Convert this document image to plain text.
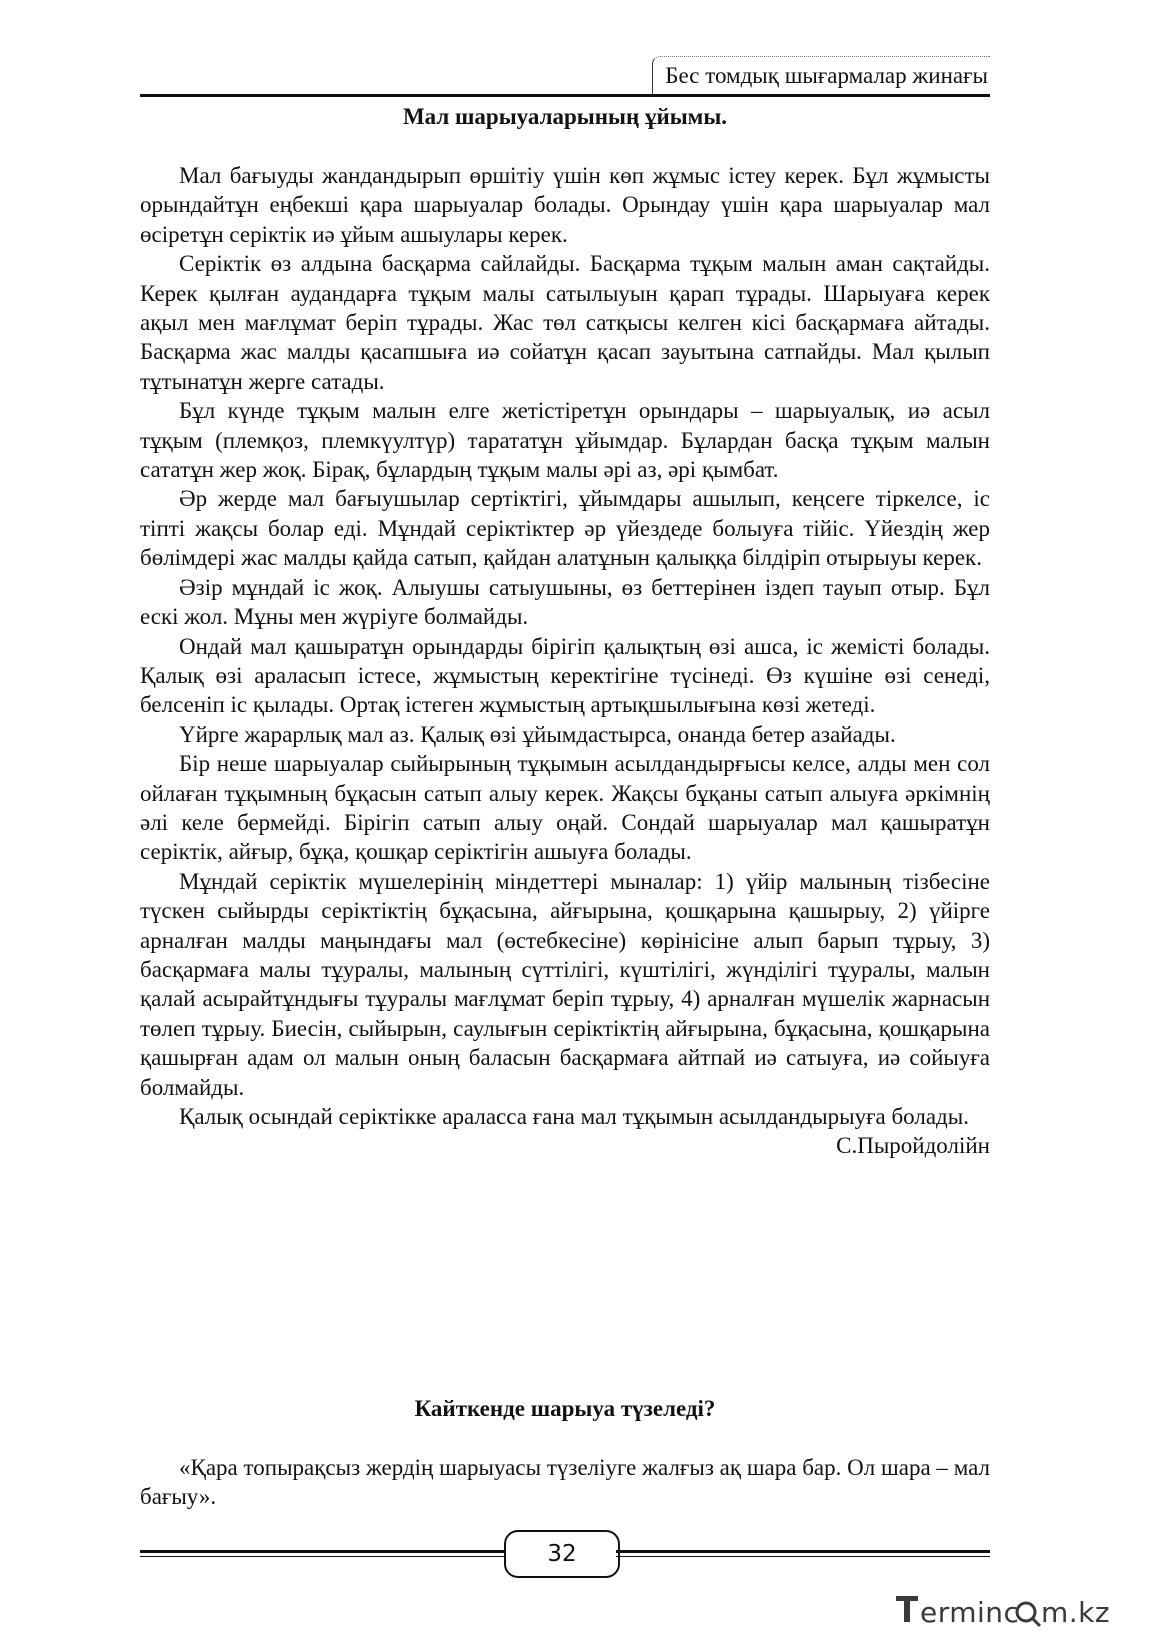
Бес томдық шығармалар жинағы
Мал шарыуаларының ұйымы.

Мал бағыуды жандандырып өршітіу үшін көп жұмыс істеу керек. Бұл жұмысты орындайтұн еңбекші қара шарыуалар болады. Орындау үшін қара шарыуалар мал өсіретұн серіктік иә ұйым ашыулары керек.

Серіктік өз алдына басқарма сайлайды. Басқарма тұқым малын аман сақтайды. Керек қылған аудандарға тұқым малы сатылыуын қарап тұрады. Шарыуаға керек ақыл мен мағлұмат беріп тұрады. Жас төл сатқысы келген кісі басқармаға айтады. Басқарма жас малды қасапшыға иә сойатұн қасап зауытына сатпайды. Мал қылып тұтынатұн жерге сатады.

Бұл күнде тұқым малын елге жетістіретұн орындары – шарыуалық, иә асыл тұқым (племқоз, племкүултүр) тарататұн ұйымдар. Бұлардан басқа тұқым малын сататұн жер жоқ. Бірақ, бұлардың тұқым малы әрі аз, әрі қымбат.

Әр жерде мал бағыушылар сертіктігі, ұйымдары ашылып, кеңсеге тіркелсе, іс тіпті жақсы болар еді. Мұндай серіктіктер әр үйездеде болыуға тійіс. Үйездің жер бөлімдері жас малды қайда сатып, қайдан алатұнын қалыққа білдіріп отырыуы керек.

Әзір мұндай іс жоқ. Алыушы сатыушыны, өз беттерінен іздеп тауып отыр. Бұл ескі жол. Мұны мен жүріуге болмайды.

Ондай мал қашыратұн орындарды бірігіп қалықтың өзі ашса, іс жемісті болады. Қалық өзі араласып істесе, жұмыстың керектігіне түсінеді. Өз күшіне өзі сенеді, белсеніп іс қылады. Ортақ істеген жұмыстың артықшылығына көзі жетеді.

Үйрге жарарлық мал аз. Қалық өзі ұйымдастырса, онанда бетер азайады.

Бір неше шарыуалар сыйырының тұқымын асылдандырғысы келсе, алды мен сол ойлаған тұқымның бұқасын сатып алыу керек. Жақсы бұқаны сатып алыуға әркімнің әлі келе бермейді. Бірігіп сатып алыу оңай. Сондай шарыуалар мал қашыратұн серіктік, айғыр, бұқа, қошқар серіктігін ашыуға болады.

Мұндай серіктік мүшелерінің міндеттері мыналар: 1) үйір малының тізбесіне түскен сыйырды серіктіктің бұқасына, айғырына, қошқарына қашырыу, 2) үйірге арналған малды маңындағы мал (өстебкесіне) көрінісіне алып барып тұрыу, 3) басқармаға малы тұуралы, малының сүттілігі, күштілігі, жүнділігі тұуралы, малын қалай асырайтұндығы тұуралы мағлұмат беріп тұрыу, 4) арналған мүшелік жарнасын төлеп тұрыу. Биесін, сыйырын, саулығын серіктіктің айғырына, бұқасына, қошқарына қашырған адам ол малын оның баласын басқармаға айтпай иә сатыуға, иә сойыуға болмайды.

Қалық осындай серіктікке араласса ғана мал тұқымын асылдандырыуға болады.

С.Пыройдолійн

Кайткенде шарыуа түзеледі?

«Қара топырақсыз жердің шарыуасы түзеліуге жалғыз ақ шара бар. Ол шара – мал бағыу».

32
ermіnc m.kz
